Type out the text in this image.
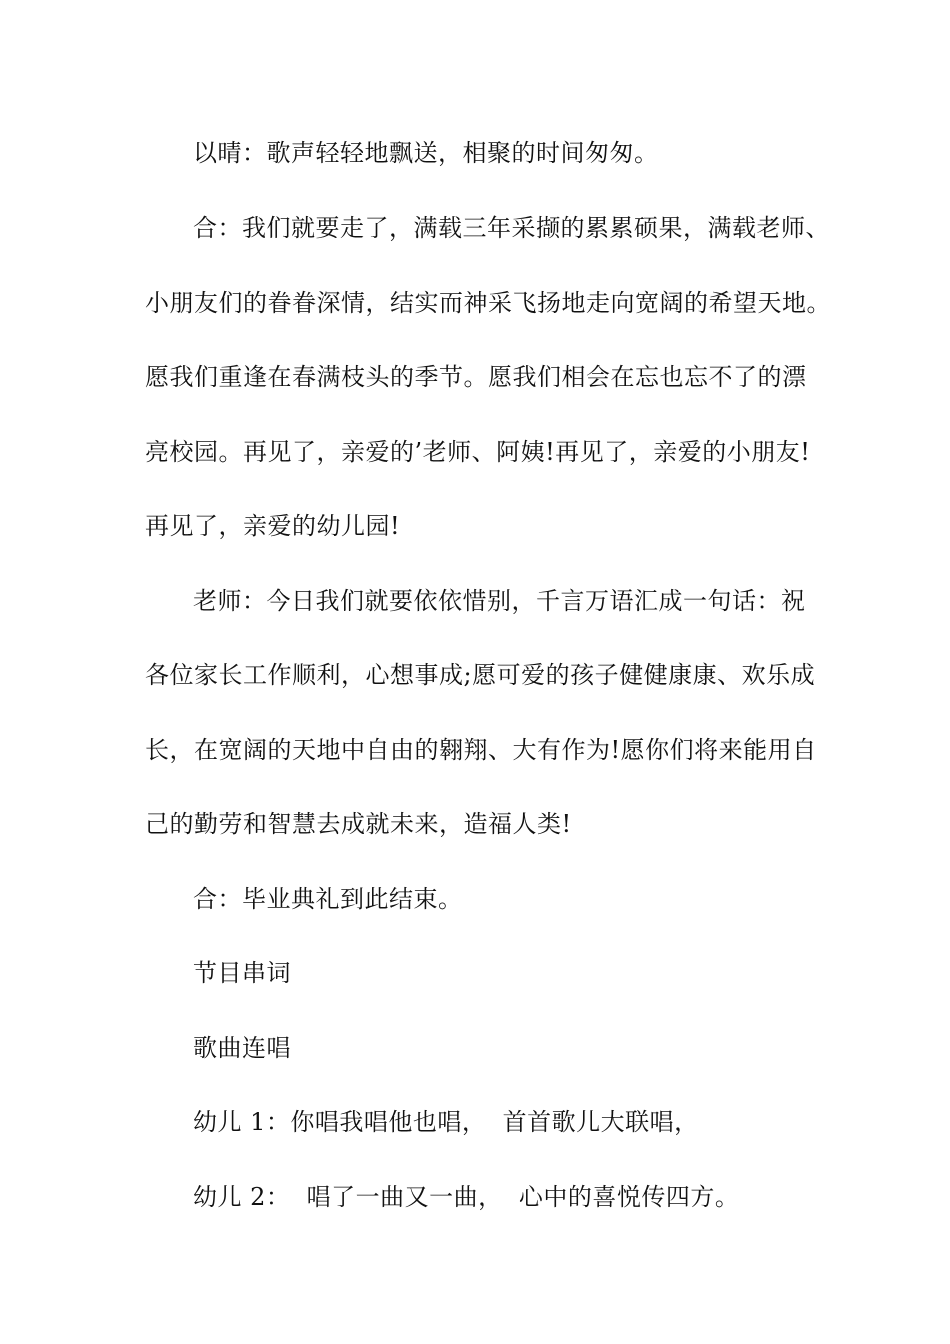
以晴：歌声轻轻地飘送，相聚的时间匆匆。
合：我们就要走了，满载三年采撷的累累硕果，满载老师、
小朋友们的眷眷深情，结实而神采飞扬地走向宽阔的希望天地。
愿我们重逢在春满枝头的季节。愿我们相会在忘也忘不了的漂
亮校园。再见了，亲爱的’老师、阿姨!再见了，亲爱的小朋友!
再见了，亲爱的幼儿园!
老师：今日我们就要依依惜别，千言万语汇成一句话：祝
各位家长工作顺利，心想事成;愿可爱的孩子健健康康、欢乐成
长，在宽阔的天地中自由的翱翔、大有作为!愿你们将来能用自
己的勤劳和智慧去成就未来，造福人类!
合：毕业典礼到此结束。
节目串词
歌曲连唱
幼儿 1：你唱我唱他也唱，  首首歌儿大联唱，
幼儿 2：  唱了一曲又一曲，  心中的喜悦传四方。
